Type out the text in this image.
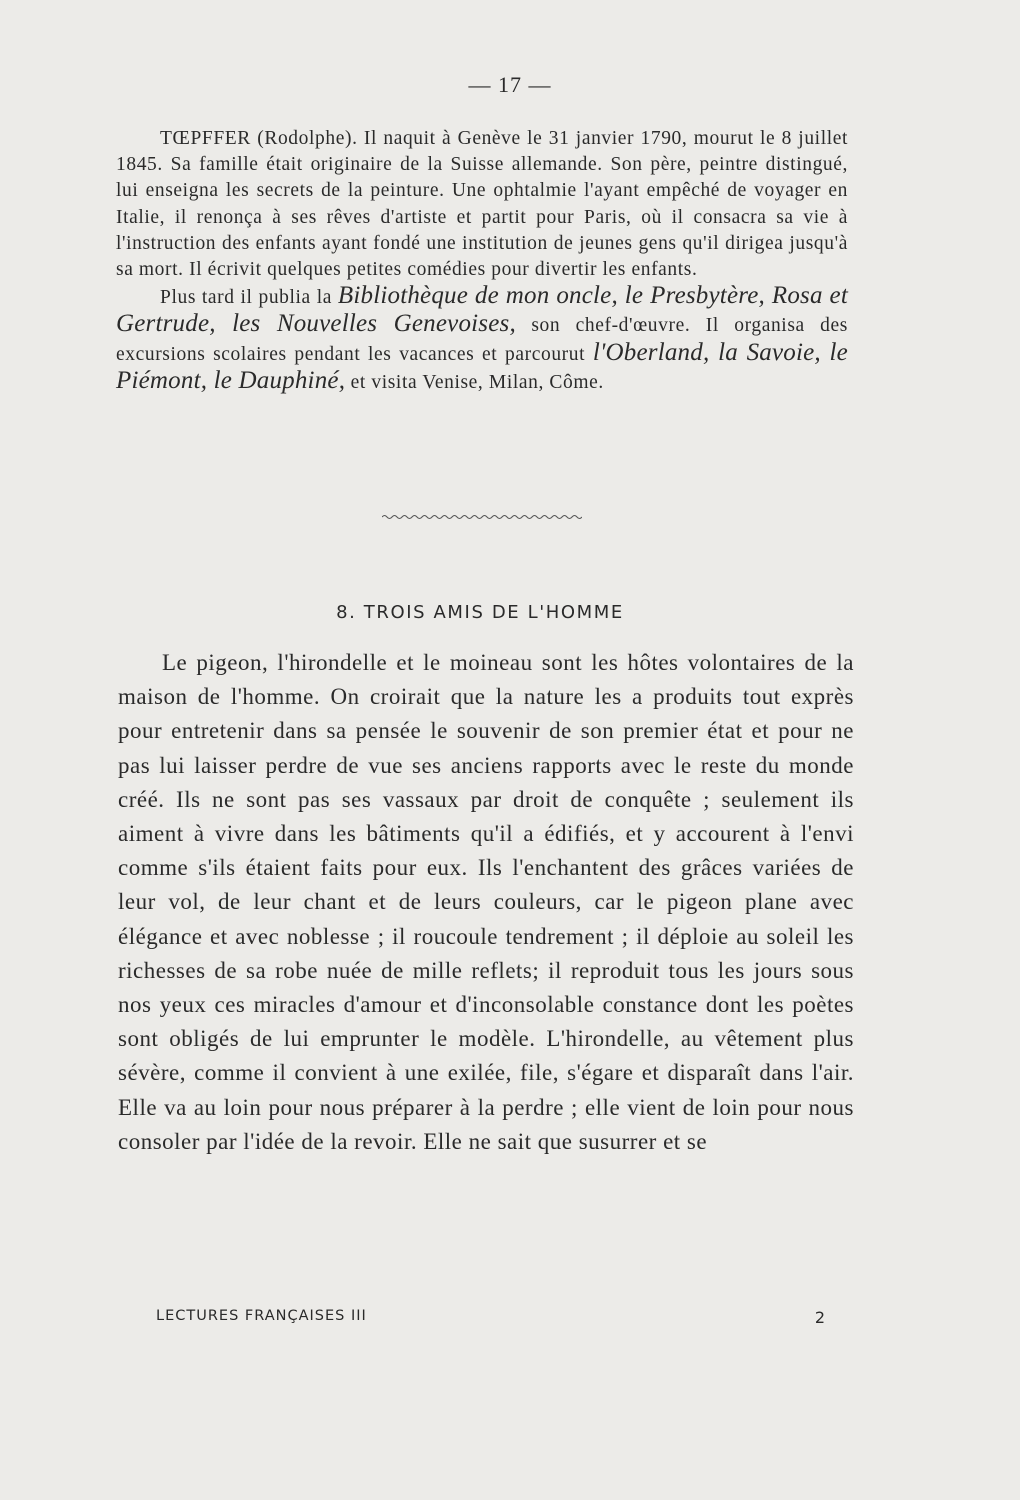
— 17 —

TŒPFFER (Rodolphe). Il naquit à Genève le 31 janvier 1790, mourut le 8 juillet 1845. Sa famille était originaire de la Suisse allemande. Son père, peintre distingué, lui enseigna les secrets de la peinture. Une ophtalmie l'ayant empêché de voyager en Italie, il renonça à ses rêves d'artiste et partit pour Paris, où il consacra sa vie à l'instruction des enfants ayant fondé une institution de jeunes gens qu'il dirigea jusqu'à sa mort. Il écrivit quelques petites comédies pour divertir les enfants.

Plus tard il publia la Bibliothèque de mon oncle, le Presbytère, Rosa et Gertrude, les Nouvelles Genevoises, son chef-d'œuvre. Il organisa des excursions scolaires pendant les vacances et parcourut l'Oberland, la Savoie, le Piémont, le Dauphiné, et visita Venise, Milan, Côme.

8. TROIS AMIS DE L'HOMME

Le pigeon, l'hirondelle et le moineau sont les hôtes volontaires de la maison de l'homme. On croirait que la nature les a produits tout exprès pour entretenir dans sa pensée le souvenir de son premier état et pour ne pas lui laisser perdre de vue ses anciens rapports avec le reste du monde créé. Ils ne sont pas ses vassaux par droit de conquête ; seulement ils aiment à vivre dans les bâtiments qu'il a édifiés, et y accourent à l'envi comme s'ils étaient faits pour eux. Ils l'enchantent des grâces variées de leur vol, de leur chant et de leurs couleurs, car le pigeon plane avec élégance et avec noblesse ; il roucoule tendrement ; il déploie au soleil les richesses de sa robe nuée de mille reflets; il reproduit tous les jours sous nos yeux ces miracles d'amour et d'inconsolable constance dont les poètes sont obligés de lui emprunter le modèle. L'hirondelle, au vêtement plus sévère, comme il convient à une exilée, file, s'égare et disparaît dans l'air. Elle va au loin pour nous préparer à la perdre ; elle vient de loin pour nous consoler par l'idée de la revoir. Elle ne sait que susurrer et se

LECTURES FRANÇAISES III	2
